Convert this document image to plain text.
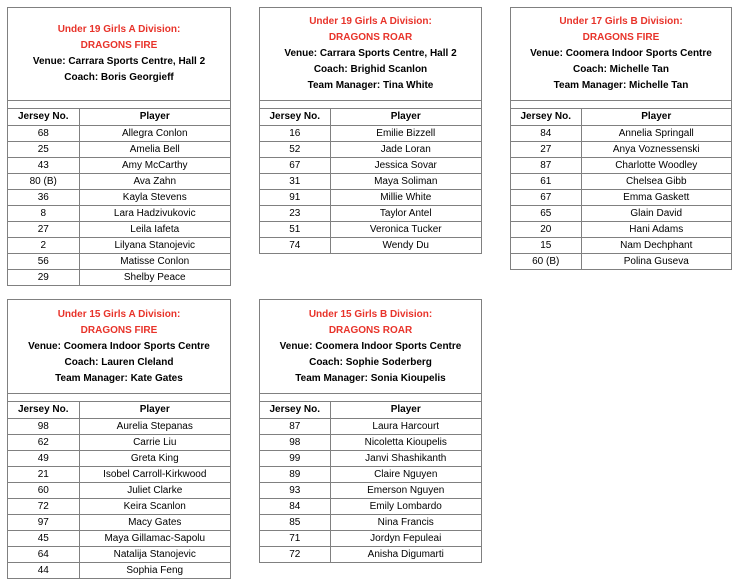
Under 19 Girls A Division:
DRAGONS FIRE
Venue: Carrara Sports Centre, Hall 2
Coach: Boris Georgieff
Jersey No.	Player
68	Allegra Conlon
25	Amelia Bell
43	Amy McCarthy
80 (B)	Ava Zahn
36	Kayla Stevens
8	Lara Hadzivukovic
27	Leila Iafeta
2	Lilyana Stanojevic
56	Matisse Conlon
29	Shelby Peace
Under 19 Girls A Division:
DRAGONS ROAR
Venue: Carrara Sports Centre, Hall 2
Coach: Brighid Scanlon
Team Manager: Tina White
Jersey No.	Player
16	Emilie Bizzell
52	Jade Loran
67	Jessica Sovar
31	Maya Soliman
91	Millie White
23	Taylor Antel
51	Veronica Tucker
74	Wendy Du
Under 17 Girls B Division:
DRAGONS FIRE
Venue: Coomera Indoor Sports Centre
Coach: Michelle Tan
Team Manager: Michelle Tan
Jersey No.	Player
84	Annelia Springall
27	Anya Voznessenski
87	Charlotte Woodley
61	Chelsea Gibb
67	Emma Gaskett
65	Glain David
20	Hani Adams
15	Nam Dechphant
60 (B)	Polina Guseva
Under 15 Girls A Division:
DRAGONS FIRE
Venue: Coomera Indoor Sports Centre
Coach: Lauren Cleland
Team Manager: Kate Gates
Jersey No.	Player
98	Aurelia Stepanas
62	Carrie Liu
49	Greta King
21	Isobel Carroll-Kirkwood
60	Juliet Clarke
72	Keira Scanlon
97	Macy Gates
45	Maya Gillamac-Sapolu
64	Natalija Stanojevic
44	Sophia Feng
Under 15 Girls B Division:
DRAGONS ROAR
Venue: Coomera Indoor Sports Centre
Coach: Sophie Soderberg
Team Manager: Sonia Kioupelis
Jersey No.	Player
87	Laura Harcourt
98	Nicoletta Kioupelis
99	Janvi Shashikanth
89	Claire Nguyen
93	Emerson Nguyen
84	Emily Lombardo
85	Nina Francis
71	Jordyn Fepuleai
72	Anisha Digumarti
